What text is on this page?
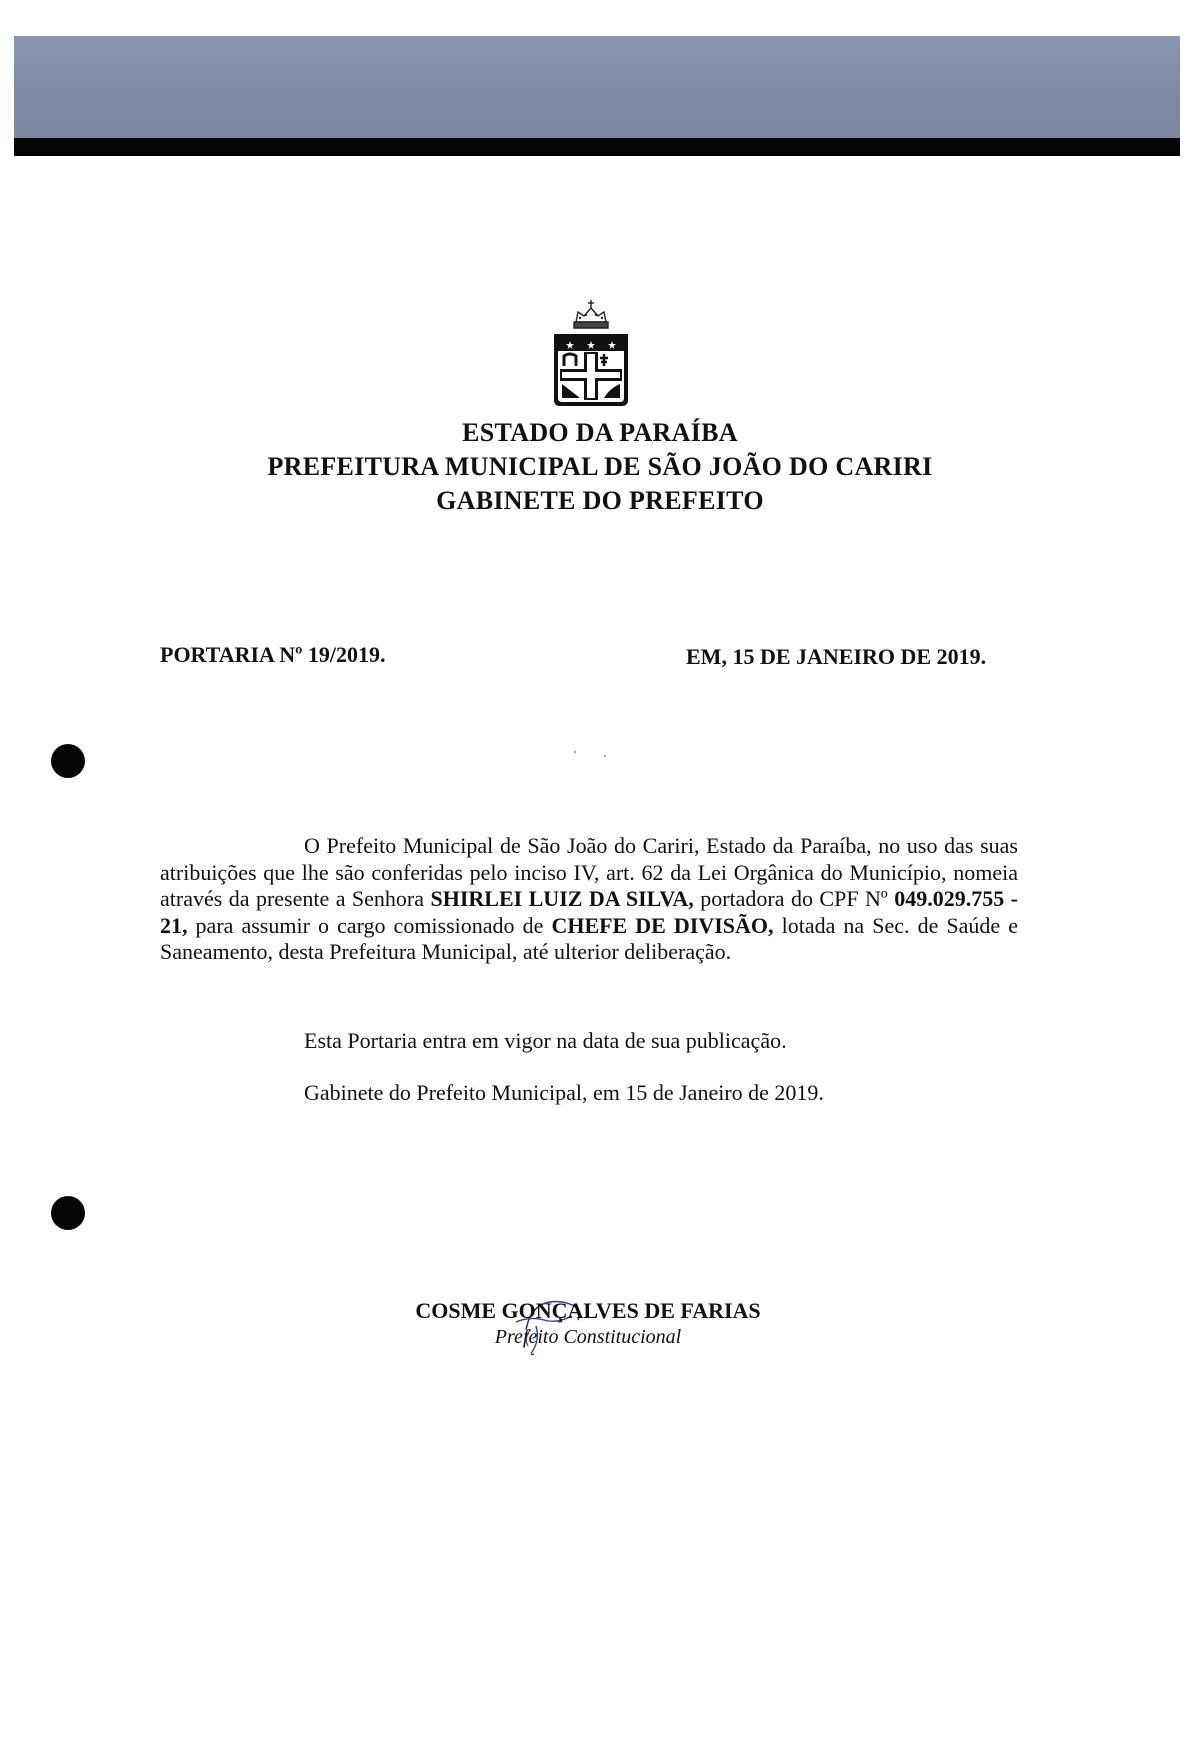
ESTADO DA PARAÍBA
PREFEITURA MUNICIPAL DE SÃO JOÃO DO CARIRI
GABINETE DO PREFEITO
PORTARIA Nº 19/2019.	EM, 15 DE JANEIRO DE 2019.

O Prefeito Municipal de São João do Cariri, Estado da Paraíba, no uso das suas atribuições que lhe são conferidas pelo inciso IV, art. 62 da Lei Orgânica do Município, nomeia através da presente a Senhora SHIRLEI LUIZ DA SILVA, portadora do CPF Nº 049.029.755 - 21, para assumir o cargo comissionado de CHEFE DE DIVISÃO, lotada na Sec. de Saúde e Saneamento, desta Prefeitura Municipal, até ulterior deliberação.

Esta Portaria entra em vigor na data de sua publicação.

Gabinete do Prefeito Municipal, em 15 de Janeiro de 2019.

COSME GONÇALVES DE FARIAS
Prefeito Constitucional
